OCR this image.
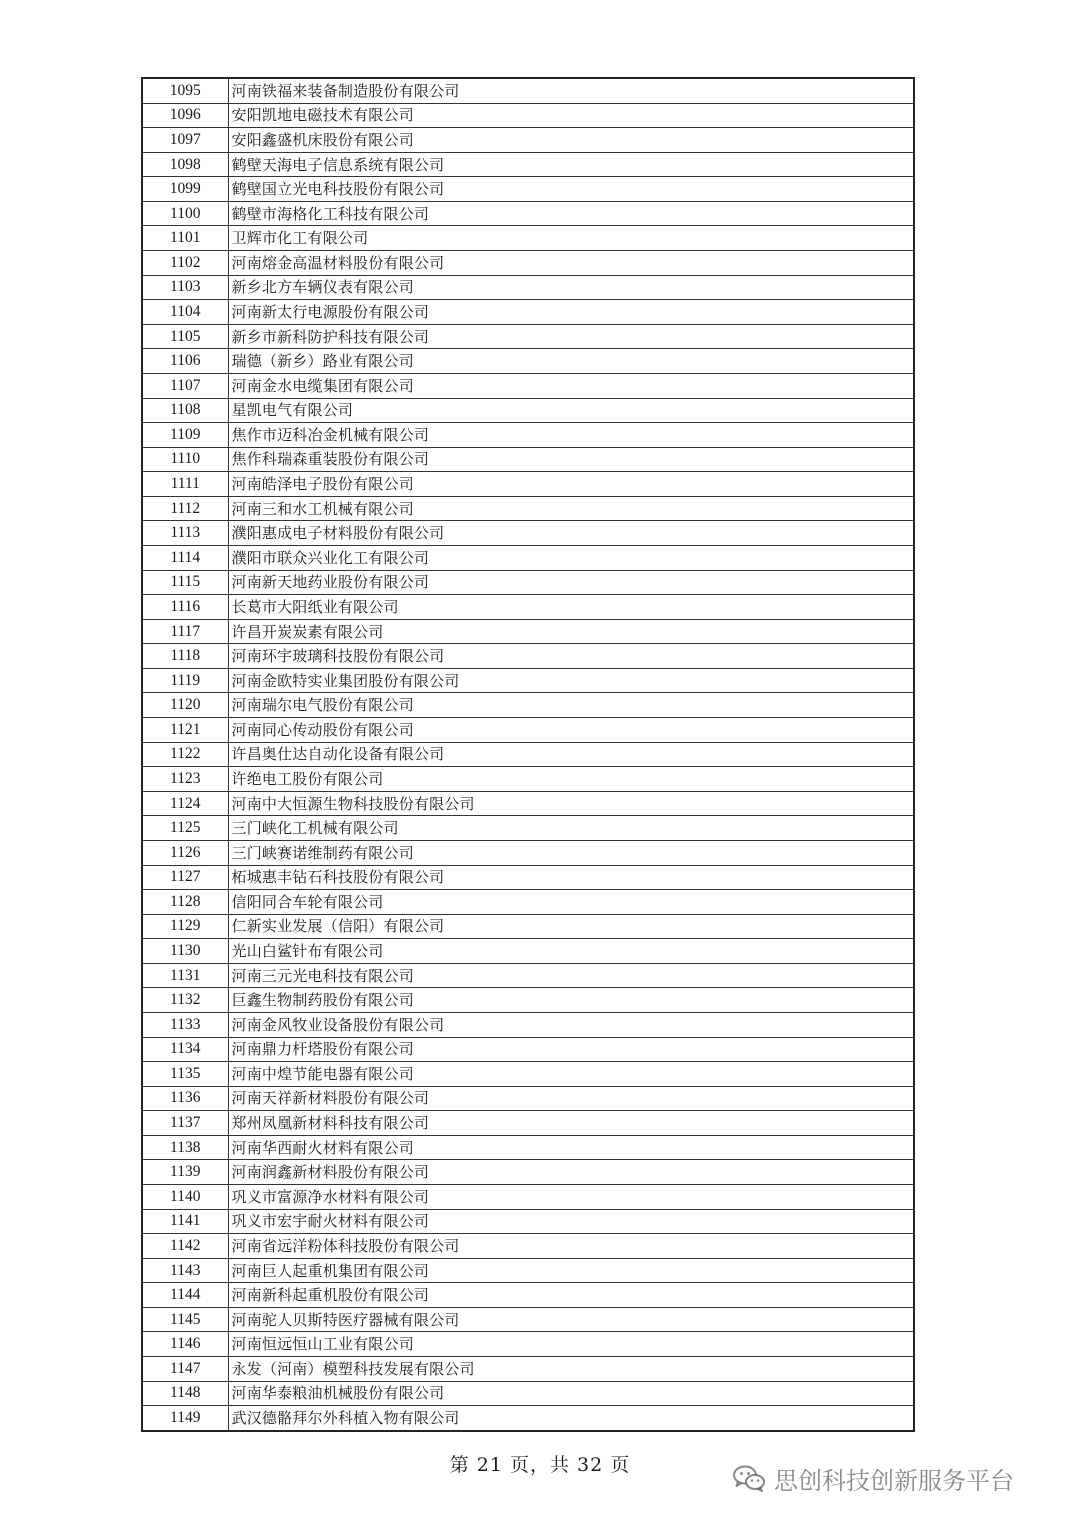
1095	河南铁福来装备制造股份有限公司
1096	安阳凯地电磁技术有限公司
1097	安阳鑫盛机床股份有限公司
1098	鹤壁天海电子信息系统有限公司
1099	鹤壁国立光电科技股份有限公司
1100	鹤壁市海格化工科技有限公司
1101	卫辉市化工有限公司
1102	河南熔金高温材料股份有限公司
1103	新乡北方车辆仪表有限公司
1104	河南新太行电源股份有限公司
1105	新乡市新科防护科技有限公司
1106	瑞德（新乡）路业有限公司
1107	河南金水电缆集团有限公司
1108	星凯电气有限公司
1109	焦作市迈科冶金机械有限公司
1110	焦作科瑞森重装股份有限公司
1111	河南皓泽电子股份有限公司
1112	河南三和水工机械有限公司
1113	濮阳惠成电子材料股份有限公司
1114	濮阳市联众兴业化工有限公司
1115	河南新天地药业股份有限公司
1116	长葛市大阳纸业有限公司
1117	许昌开炭炭素有限公司
1118	河南环宇玻璃科技股份有限公司
1119	河南金欧特实业集团股份有限公司
1120	河南瑞尔电气股份有限公司
1121	河南同心传动股份有限公司
1122	许昌奥仕达自动化设备有限公司
1123	许绝电工股份有限公司
1124	河南中大恒源生物科技股份有限公司
1125	三门峡化工机械有限公司
1126	三门峡赛诺维制药有限公司
1127	柘城惠丰钻石科技股份有限公司
1128	信阳同合车轮有限公司
1129	仁新实业发展（信阳）有限公司
1130	光山白鲨针布有限公司
1131	河南三元光电科技有限公司
1132	巨鑫生物制药股份有限公司
1133	河南金风牧业设备股份有限公司
1134	河南鼎力杆塔股份有限公司
1135	河南中煌节能电器有限公司
1136	河南天祥新材料股份有限公司
1137	郑州凤凰新材料科技有限公司
1138	河南华西耐火材料有限公司
1139	河南润鑫新材料股份有限公司
1140	巩义市富源净水材料有限公司
1141	巩义市宏宇耐火材料有限公司
1142	河南省远洋粉体科技股份有限公司
1143	河南巨人起重机集团有限公司
1144	河南新科起重机股份有限公司
1145	河南驼人贝斯特医疗器械有限公司
1146	河南恒远恒山工业有限公司
1147	永发（河南）模塑科技发展有限公司
1148	河南华泰粮油机械股份有限公司
1149	武汉德骼拜尔外科植入物有限公司
第 21 页，共 32 页
思创科技创新服务平台
